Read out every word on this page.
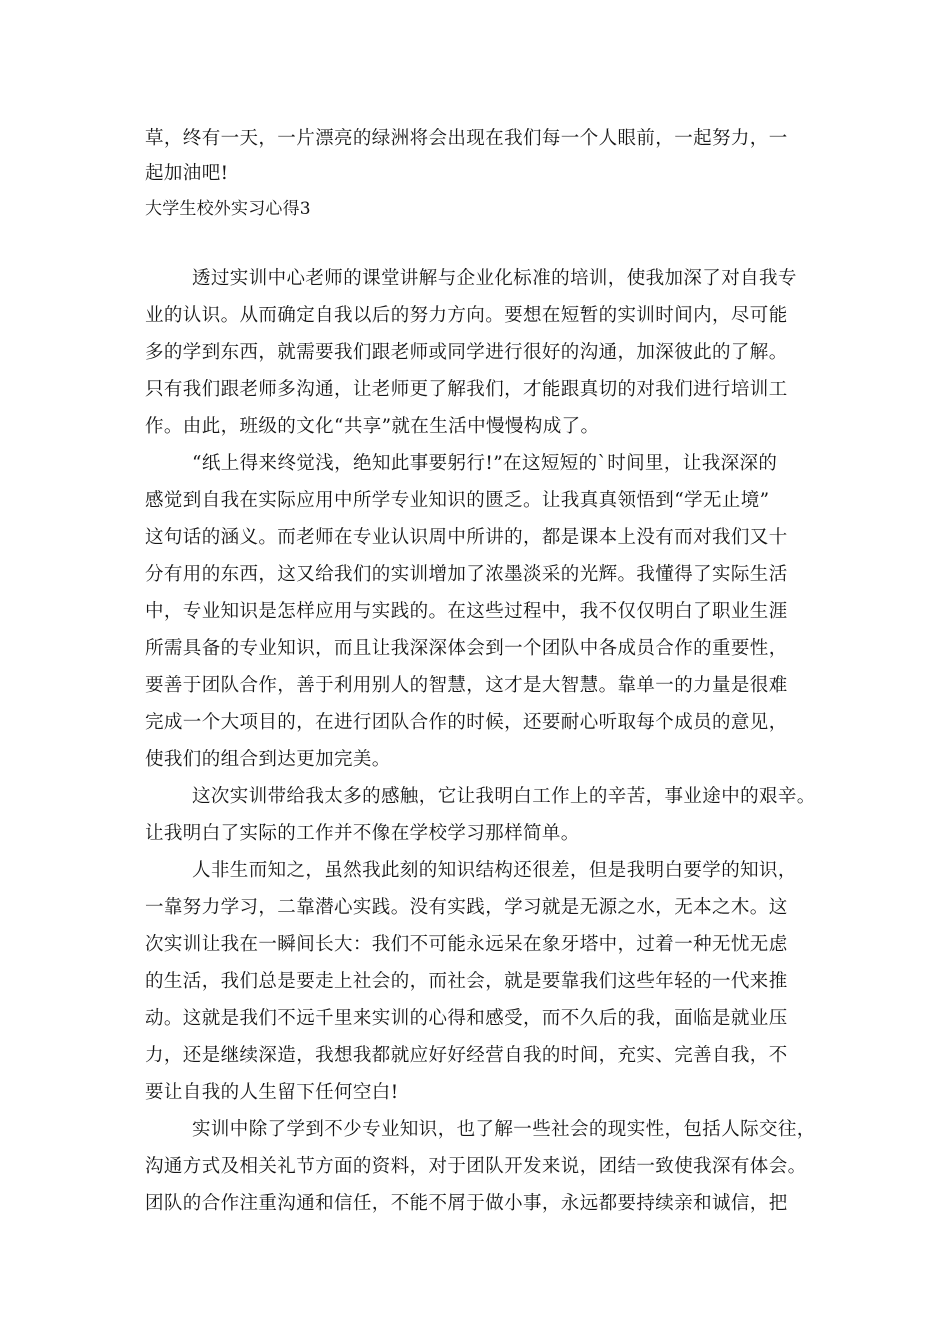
草，终有一天，一片漂亮的绿洲将会出现在我们每一个人眼前，一起努力，一
起加油吧!
大学生校外实习心得3
透过实训中心老师的课堂讲解与企业化标准的培训，使我加深了对自我专
业的认识。从而确定自我以后的努力方向。要想在短暂的实训时间内，尽可能
多的学到东西，就需要我们跟老师或同学进行很好的沟通，加深彼此的了解。
只有我们跟老师多沟通，让老师更了解我们，才能跟真切的对我们进行培训工
作。由此，班级的文化“共享”就在生活中慢慢构成了。
“纸上得来终觉浅，绝知此事要躬行!”在这短短的`时间里，让我深深的
感觉到自我在实际应用中所学专业知识的匮乏。让我真真领悟到“学无止境”
这句话的涵义。而老师在专业认识周中所讲的，都是课本上没有而对我们又十
分有用的东西，这又给我们的实训增加了浓墨淡采的光辉。我懂得了实际生活
中，专业知识是怎样应用与实践的。在这些过程中，我不仅仅明白了职业生涯
所需具备的专业知识，而且让我深深体会到一个团队中各成员合作的重要性，
要善于团队合作，善于利用别人的智慧，这才是大智慧。靠单一的力量是很难
完成一个大项目的，在进行团队合作的时候，还要耐心听取每个成员的意见，
使我们的组合到达更加完美。
这次实训带给我太多的感触，它让我明白工作上的辛苦，事业途中的艰辛。
让我明白了实际的工作并不像在学校学习那样简单。
人非生而知之，虽然我此刻的知识结构还很差，但是我明白要学的知识，
一靠努力学习，二靠潜心实践。没有实践，学习就是无源之水，无本之木。这
次实训让我在一瞬间长大：我们不可能永远呆在象牙塔中，过着一种无忧无虑
的生活，我们总是要走上社会的，而社会，就是要靠我们这些年轻的一代来推
动。这就是我们不远千里来实训的心得和感受，而不久后的我，面临是就业压
力，还是继续深造，我想我都就应好好经营自我的时间，充实、完善自我，不
要让自我的人生留下任何空白!
实训中除了学到不少专业知识，也了解一些社会的现实性，包括人际交往，
沟通方式及相关礼节方面的资料，对于团队开发来说，团结一致使我深有体会。
团队的合作注重沟通和信任，不能不屑于做小事，永远都要持续亲和诚信，把
